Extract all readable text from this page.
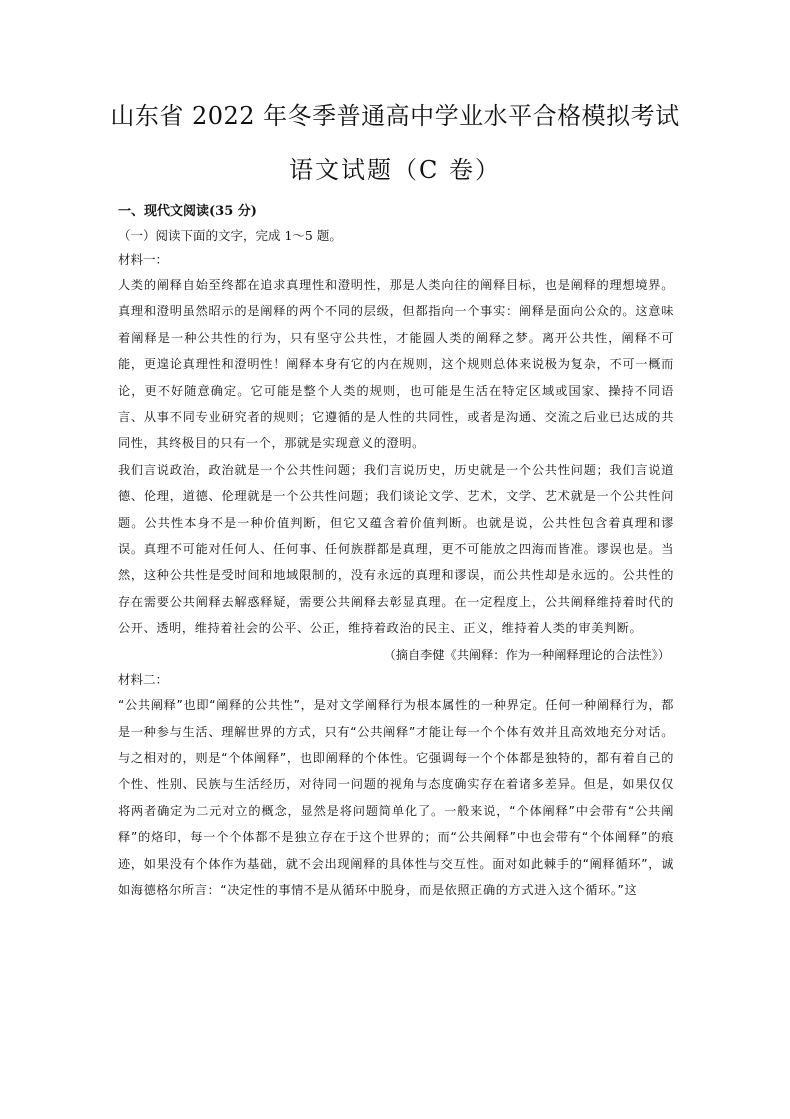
山东省 2022 年冬季普通高中学业水平合格模拟考试
语文试题（C 卷）

一、现代文阅读(35 分)

（一）阅读下面的文字，完成 1～5 题。

材料一：

人类的阐释自始至终都在追求真理性和澄明性，那是人类向往的阐释目标，也是阐释的理想境界。真理和澄明虽然昭示的是阐释的两个不同的层级，但都指向一个事实：阐释是面向公众的。这意味着阐释是一种公共性的行为，只有坚守公共性，才能圆人类的阐释之梦。离开公共性，阐释不可能，更遑论真理性和澄明性！阐释本身有它的内在规则，这个规则总体来说极为复杂，不可一概而论，更不好随意确定。它可能是整个人类的规则，也可能是生活在特定区域或国家、操持不同语言、从事不同专业研究者的规则；它遵循的是人性的共同性，或者是沟通、交流之后业已达成的共同性，其终极目的只有一个，那就是实现意义的澄明。

我们言说政治，政治就是一个公共性问题；我们言说历史，历史就是一个公共性问题；我们言说道德、伦理，道德、伦理就是一个公共性问题；我们谈论文学、艺术，文学、艺术就是一个公共性问题。公共性本身不是一种价值判断，但它又蕴含着价值判断。也就是说，公共性包含着真理和谬误。真理不可能对任何人、任何事、任何族群都是真理，更不可能放之四海而皆准。谬误也是。当然，这种公共性是受时间和地域限制的，没有永远的真理和谬误，而公共性却是永远的。公共性的存在需要公共阐释去解惑释疑，需要公共阐释去彰显真理。在一定程度上，公共阐释维持着时代的公开、透明，维持着社会的公平、公正，维持着政治的民主、正义，维持着人类的审美判断。

（摘自李健《共阐释：作为一种阐释理论的合法性》）

材料二：

“公共阐释”也即“阐释的公共性”，是对文学阐释行为根本属性的一种界定。任何一种阐释行为，都是一种参与生活、理解世界的方式，只有“公共阐释”才能让每一个个体有效并且高效地充分对话。与之相对的，则是“个体阐释”，也即阐释的个体性。它强调每一个个体都是独特的，都有着自己的个性、性别、民族与生活经历，对待同一问题的视角与态度确实存在着诸多差异。但是，如果仅仅将两者确定为二元对立的概念，显然是将问题简单化了。一般来说，“个体阐释”中会带有“公共阐释”的烙印，每一个个体都不是独立存在于这个世界的；而“公共阐释”中也会带有“个体阐释”的痕迹，如果没有个体作为基础，就不会出现阐释的具体性与交互性。面对如此棘手的“阐释循环”，诚如海德格尔所言：“决定性的事情不是从循环中脱身，而是依照正确的方式进入这个循环。”这
